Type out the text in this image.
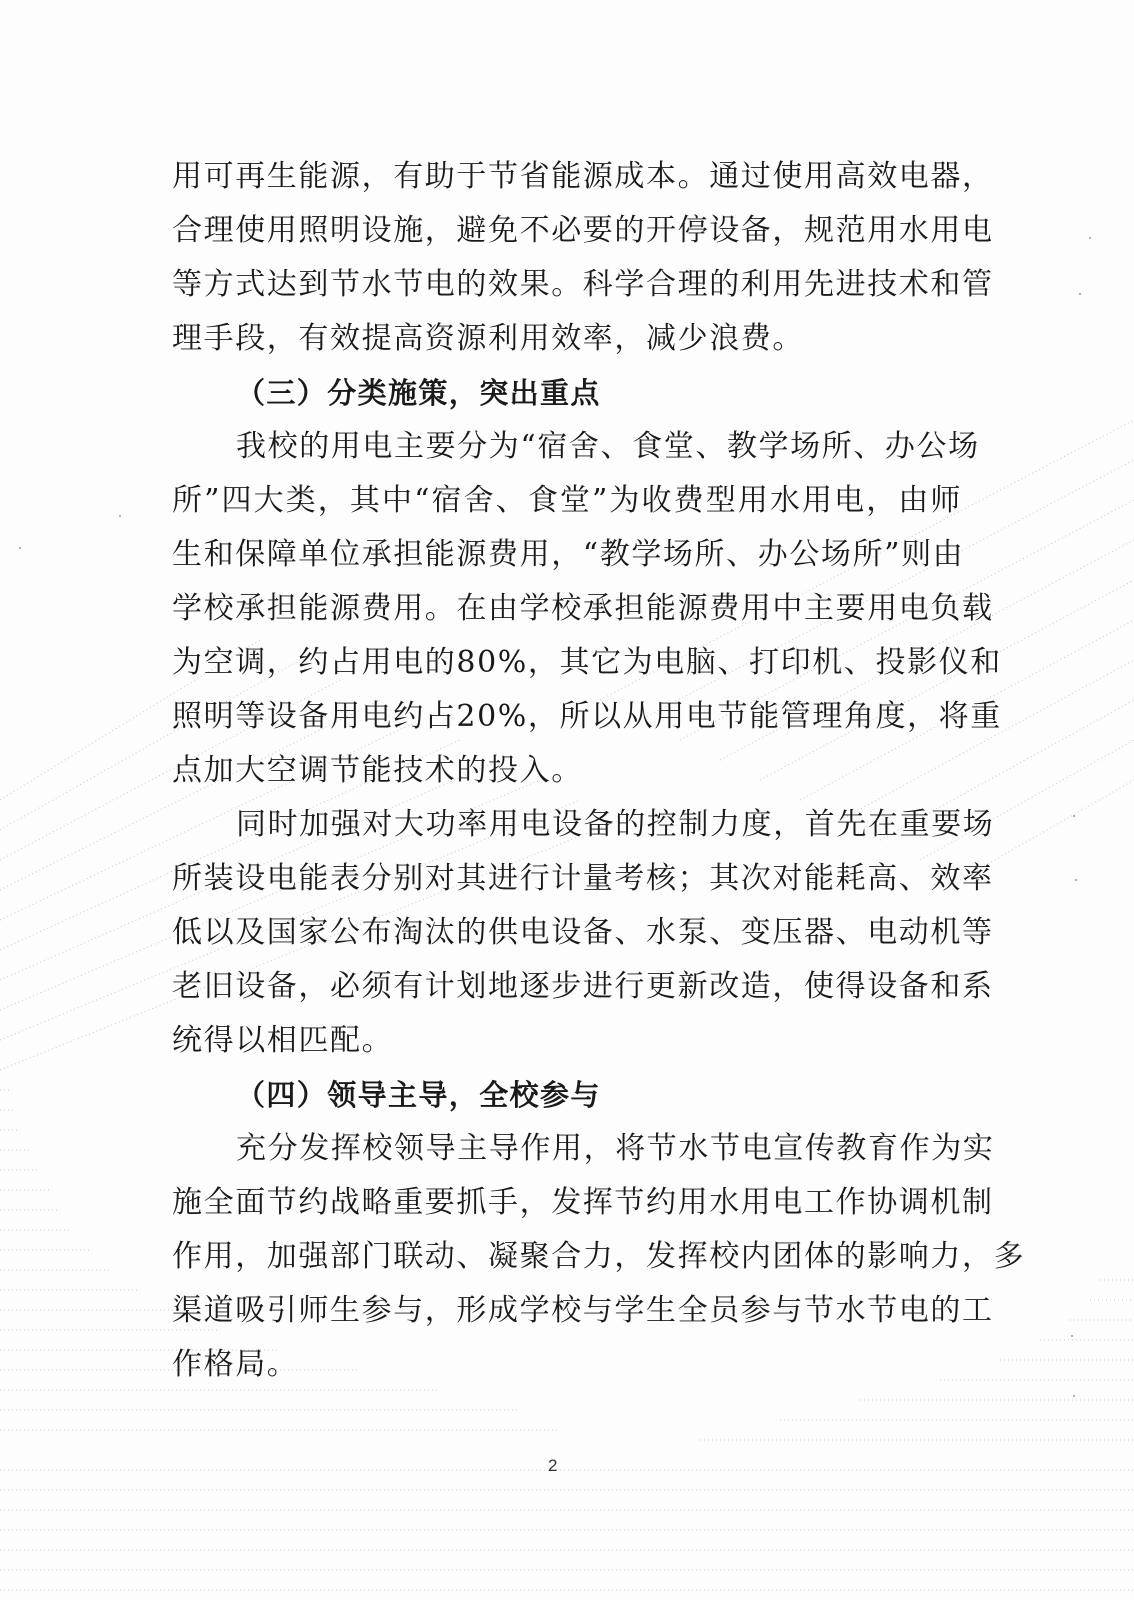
用可再生能源，有助于节省能源成本。通过使用高效电器，
合理使用照明设施，避免不必要的开停设备，规范用水用电
等方式达到节水节电的效果。科学合理的利用先进技术和管
理手段，有效提高资源利用效率，减少浪费。
（三）分类施策，突出重点
我校的用电主要分为“宿舍、食堂、教学场所、办公场
所”四大类，其中“宿舍、食堂”为收费型用水用电，由师
生和保障单位承担能源费用，“教学场所、办公场所”则由
学校承担能源费用。在由学校承担能源费用中主要用电负载
为空调，约占用电的80%，其它为电脑、打印机、投影仪和
照明等设备用电约占20%，所以从用电节能管理角度，将重
点加大空调节能技术的投入。
同时加强对大功率用电设备的控制力度，首先在重要场
所装设电能表分别对其进行计量考核；其次对能耗高、效率
低以及国家公布淘汰的供电设备、水泵、变压器、电动机等
老旧设备，必须有计划地逐步进行更新改造，使得设备和系
统得以相匹配。
（四）领导主导，全校参与
充分发挥校领导主导作用，将节水节电宣传教育作为实
施全面节约战略重要抓手，发挥节约用水用电工作协调机制
作用，加强部门联动、凝聚合力，发挥校内团体的影响力，多
渠道吸引师生参与，形成学校与学生全员参与节水节电的工
作格局。
2
